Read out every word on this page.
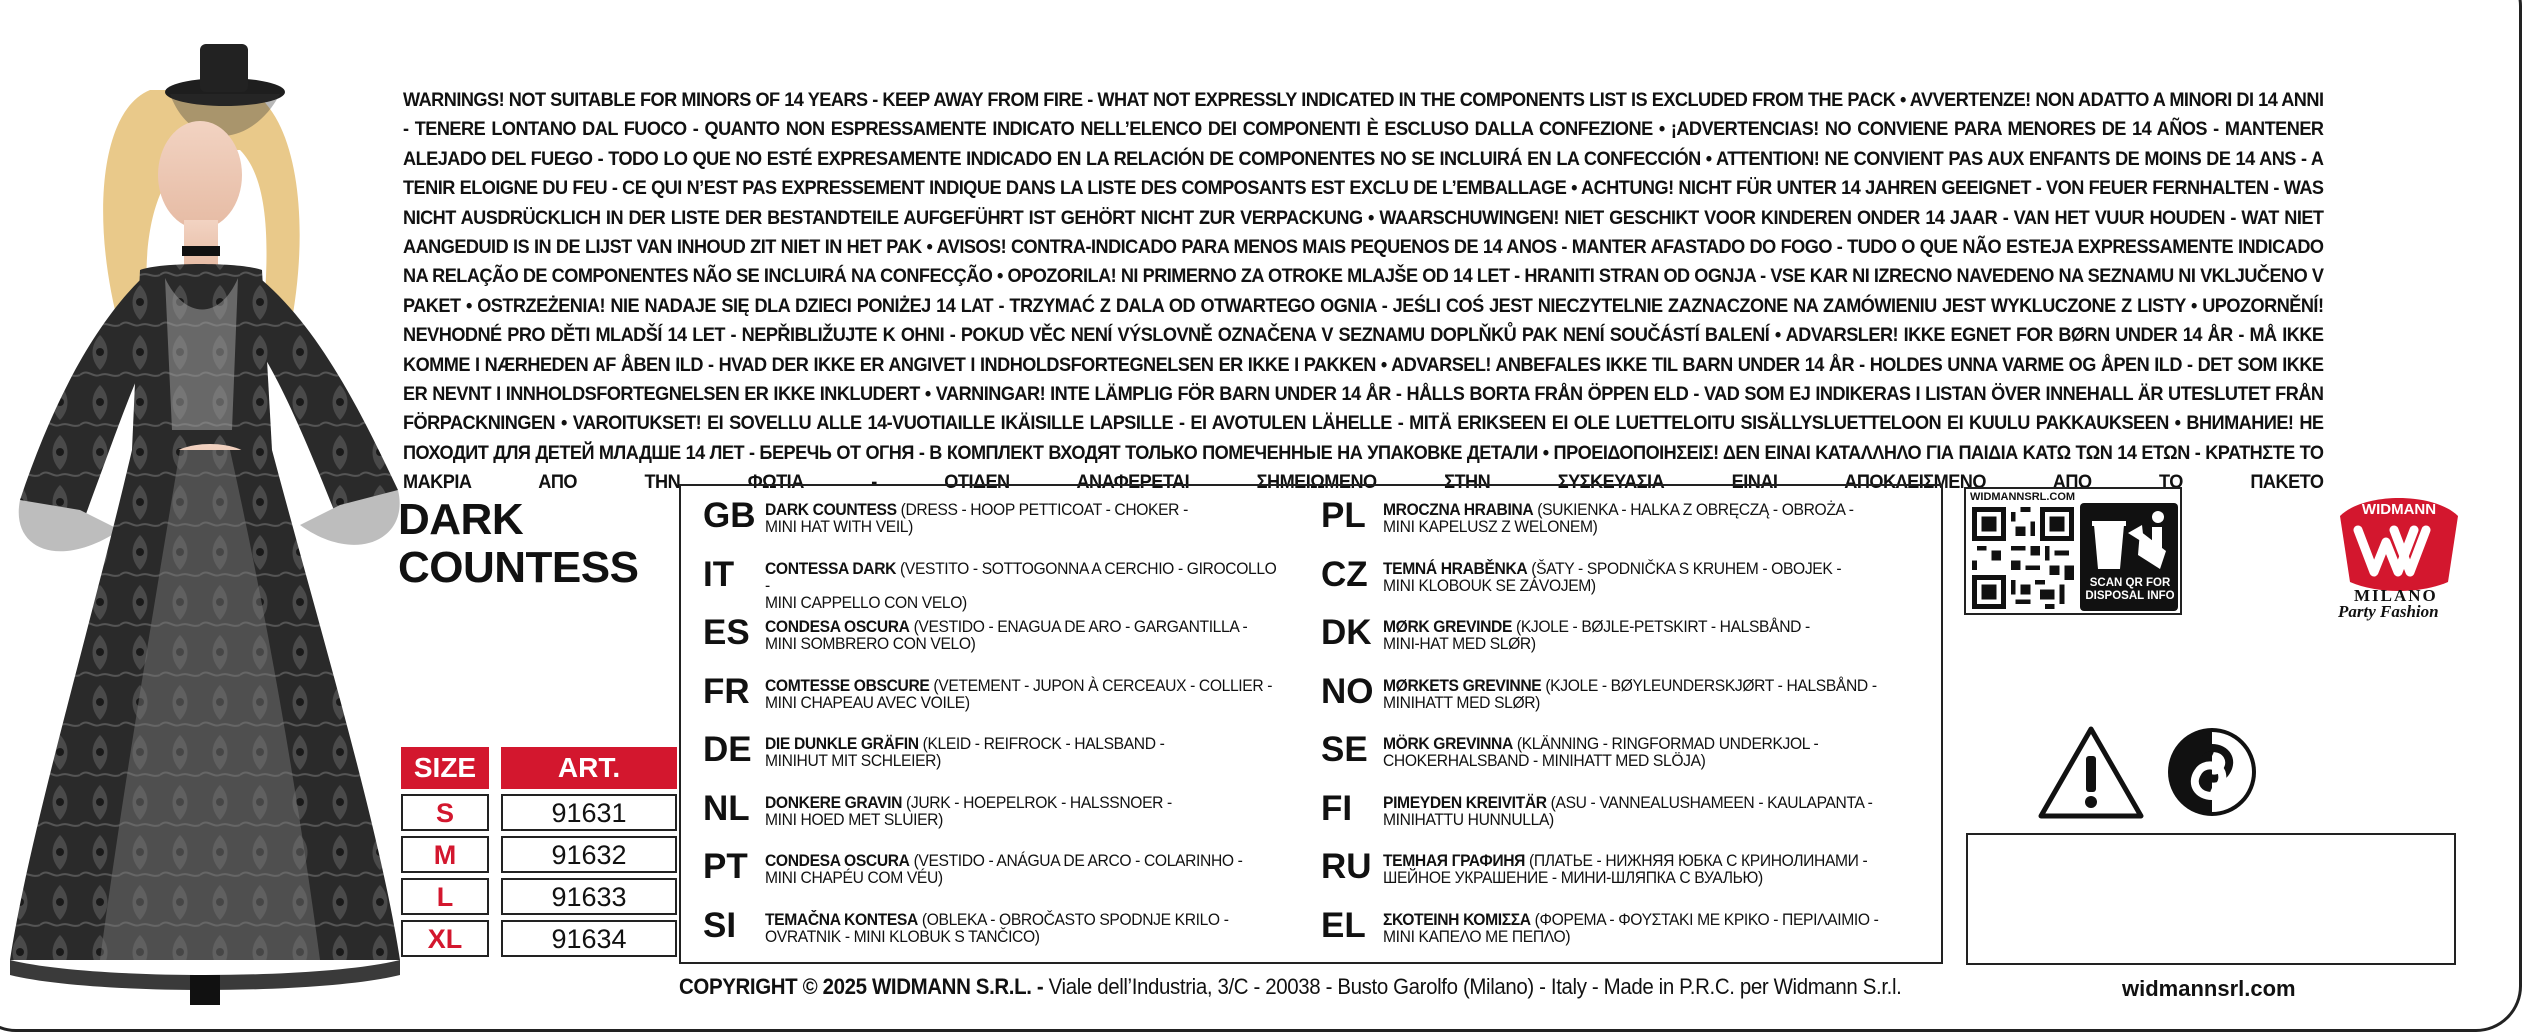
WARNINGS! NOT SUITABLE FOR MINORS OF 14 YEARS - KEEP AWAY FROM FIRE - WHAT NOT EXPRESSLY INDICATED IN THE COMPONENTS LIST IS EXCLUDED FROM THE PACK • AVVERTENZE! NON ADATTO A MINORI DI 14 ANNI - TENERE LONTANO DAL FUOCO - QUANTO NON ESPRESSAMENTE INDICATO NELL’ELENCO DEI COMPONENTI È ESCLUSO DALLA CONFEZIONE • ¡ADVERTENCIAS! NO CONVIENE PARA MENORES DE 14 AÑOS - MANTENER ALEJADO DEL FUEGO - TODO LO QUE NO ESTÉ EXPRESAMENTE INDICADO EN LA RELACIÓN DE COMPONENTES NO SE INCLUIRÁ EN LA CONFECCIÓN • ATTENTION! NE CONVIENT PAS AUX ENFANTS DE MOINS DE 14 ANS - A TENIR ELOIGNE DU FEU - CE QUI N’EST PAS EXPRESSEMENT INDIQUE DANS LA LISTE DES COMPOSANTS EST EXCLU DE L’EMBALLAGE • ACHTUNG! NICHT FÜR UNTER 14 JAHREN GEEIGNET - VON FEUER FERNHALTEN - WAS NICHT AUSDRÜCKLICH IN DER LISTE DER BESTANDTEILE AUFGEFÜHRT IST GEHÖRT NICHT ZUR VERPACKUNG • WAARSCHUWINGEN! NIET GESCHIKT VOOR KINDEREN ONDER 14 JAAR - VAN HET VUUR HOUDEN - WAT NIET AANGEDUID IS IN DE LIJST VAN INHOUD ZIT NIET IN HET PAK • AVISOS! CONTRA-INDICADO PARA MENOS MAIS PEQUENOS DE 14 ANOS - MANTER AFASTADO DO FOGO - TUDO O QUE NÃO ESTEJA EXPRESSAMENTE INDICADO NA RELAÇÃO DE COMPONENTES NÃO SE INCLUIRÁ NA CONFECÇÃO • OPOZORILA! NI PRIMERNO ZA OTROKE MLAJŠE OD 14 LET - HRANITI STRAN OD OGNJA - VSE KAR NI IZRECNO NAVEDENO NA SEZNAMU NI VKLJUČENO V PAKET • OSTRZEŻENIA! NIE NADAJE SIĘ DLA DZIECI PONIŻEJ 14 LAT - TRZYMAĆ Z DALA OD OTWARTEGO OGNIA - JEŚLI COŚ JEST NIECZYTELNIE ZAZNACZONE NA ZAMÓWIENIU JEST WYKLUCZONE Z LISTY • UPOZORNĚNÍ! NEVHODNÉ PRO DĚTI MLADŠÍ 14 LET - NEPŘIBLIŽUJTE K OHNI - POKUD VĚC NENÍ VÝSLOVNĚ OZNAČENA V SEZNAMU DOPLŇKŮ PAK NENÍ SOUČÁSTÍ BALENÍ • ADVARSLER! IKKE EGNET FOR BØRN UNDER 14 ÅR - MÅ IKKE KOMME I NÆRHEDEN AF ÅBEN ILD - HVAD DER IKKE ER ANGIVET I INDHOLDSFORTEGNELSEN ER IKKE I PAKKEN • ADVARSEL! ANBEFALES IKKE TIL BARN UNDER 14 ÅR - HOLDES UNNA VARME OG ÅPEN ILD - DET SOM IKKE ER NEVNT I INNHOLDSFORTEGNELSEN ER IKKE INKLUDERT • VARNINGAR! INTE LÄMPLIG FÖR BARN UNDER 14 ÅR - HÅLLS BORTA FRÅN ÖPPEN ELD - VAD SOM EJ INDIKERAS I LISTAN ÖVER INNEHALL ÄR UTESLUTET FRÅN FÖRPACKNINGEN • VAROITUKSET! EI SOVELLU ALLE 14-VUOTIAILLE IKÄISILLE LAPSILLE - EI AVOTULEN LÄHELLE - MITÄ ERIKSEEN EI OLE LUETTELOITU SISÄLLYSLUETTELOON EI KUULU PAKKAUKSEEN • ВНИМАНИЕ! НЕ ПОХОДИТ ДЛЯ ДЕТЕЙ МЛАДШЕ 14 ЛЕТ - БЕРЕЧЬ ОТ ОГНЯ - В КОМПЛЕКТ ВХОДЯТ ТОЛЬКО ПОМЕЧЕННЫЕ НА УПАКОВКЕ ДЕТАЛИ • ΠΡΟΕΙΔΟΠΟΙΗΣΕΙΣ! ΔΕΝ ΕΙΝΑΙ ΚΑΤΑΛΛΗΛΟ ΓΙΑ ΠΑΙΔΙΑ ΚΑΤΩ ΤΩΝ 14 ΕΤΩΝ - ΚΡΑΤΗΣΤΕ ΤΟ ΜΑΚΡΙΑ ΑΠΟ ΤΗΝ ΦΩΤΙΑ - ΟΤΙΔΕΝ ΑΝΑΦΕΡΕΤΑΙ ΣΗΜΕΙΩΜΕΝΟ ΣΤΗΝ ΣΥΣΚΕΥΑΣΙΑ ΕΙΝΑΙ ΑΠΟΚΛΕΙΣΜΕΝΟ ΑΠΟ ΤΟ ΠΑΚΕΤΟ
DARK
COUNTESS
SIZE	ART.
S	91631
M	91632
L	91633
XL	91634
GB DARK COUNTESS (DRESS - HOOP PETTICOAT - CHOKER -
MINI HAT WITH VEIL)
IT	CONTESSA DARK (VESTITO - SOTTOGONNA A CERCHIO - GIROCOLLO -
MINI CAPPELLO CON VELO)
ES CONDESA OSCURA (VESTIDO - ENAGUA DE ARO - GARGANTILLA -
MINI SOMBRERO CON VELO)
FR COMTESSE OBSCURE (VETEMENT - JUPON À CERCEAUX - COLLIER -
MINI CHAPEAU AVEC VOILE)
DE DIE DUNKLE GRÄFIN (KLEID - REIFROCK - HALSBAND -
MINIHUT MIT SCHLEIER)
NL DONKERE GRAVIN (JURK - HOEPELROK - HALSSNOER -
MINI HOED MET SLUIER)
PT	CONDESA OSCURA (VESTIDO - ANÁGUA DE ARCO - COLARINHO -
MINI CHAPÉU COM VÉU)
SI	TEMAČNA KONTESA (OBLEKA - OBROČASTO SPODNJE KRILO -
OVRATNIK - MINI KLOBUK S TANČICO)
PL	MROCZNA HRABINA (SUKIENKA - HALKA Z OBRĘCZĄ - OBROŻA -
MINI KAPELUSZ Z WELONEM)
CZ TEMNÁ HRABĚNKA (ŠATY - SPODNIČKA S KRUHEM - OBOJEK -
MINI KLOBOUK SE ZÁVOJEM)
DK MØRK GREVINDE (KJOLE - BØJLE-PETSKIRT - HALSBÅND -
MINI-HAT MED SLØR)
NO MØRKETS GREVINNE (KJOLE - BØYLEUNDERSKJØRT - HALSBÅND -
MINIHATT MED SLØR)
SE MÖRK GREVINNA (KLÄNNING - RINGFORMAD UNDERKJOL -
CHOKERHALSBAND - MINIHATT MED SLÖJA)
FI	PIMEYDEN KREIVITÄR (ASU - VANNEALUSHAMEEN - KAULAPANTA -
MINIHATTU HUNNULLA)
RU ТЕМНАЯ ГРАФИНЯ (ПЛАТЬЕ - НИЖНЯЯ ЮБКА С КРИНОЛИНАМИ -
ШЕЙНОЕ УКРАШЕНИЕ - МИНИ-ШЛЯПКА С ВУАЛЬЮ)
EL	ΣΚΟΤΕΙΝΗ ΚΟΜΙΣΣΑ (ΦΟΡΕΜΑ - ΦΟΥΣΤΑΚΙ ΜΕ ΚΡΙΚΟ - ΠΕΡΙΛΑΙΜΙΟ -
ΜΙΝΙ ΚΑΠΕΛΟ ΜΕ ΠΕΠΛΟ)
WIDMANNSRL.COM
SCAN QR FOR
DISPOSAL INFO
WIDMANN
MILANO
Party Fashion
COPYRIGHT © 2025 WIDMANN S.R.L. - Viale dell’Industria, 3/C - 20038 - Busto Garolfo (Milano) - Italy - Made in P.R.C. per Widmann S.r.l.	widmannsrl.com
